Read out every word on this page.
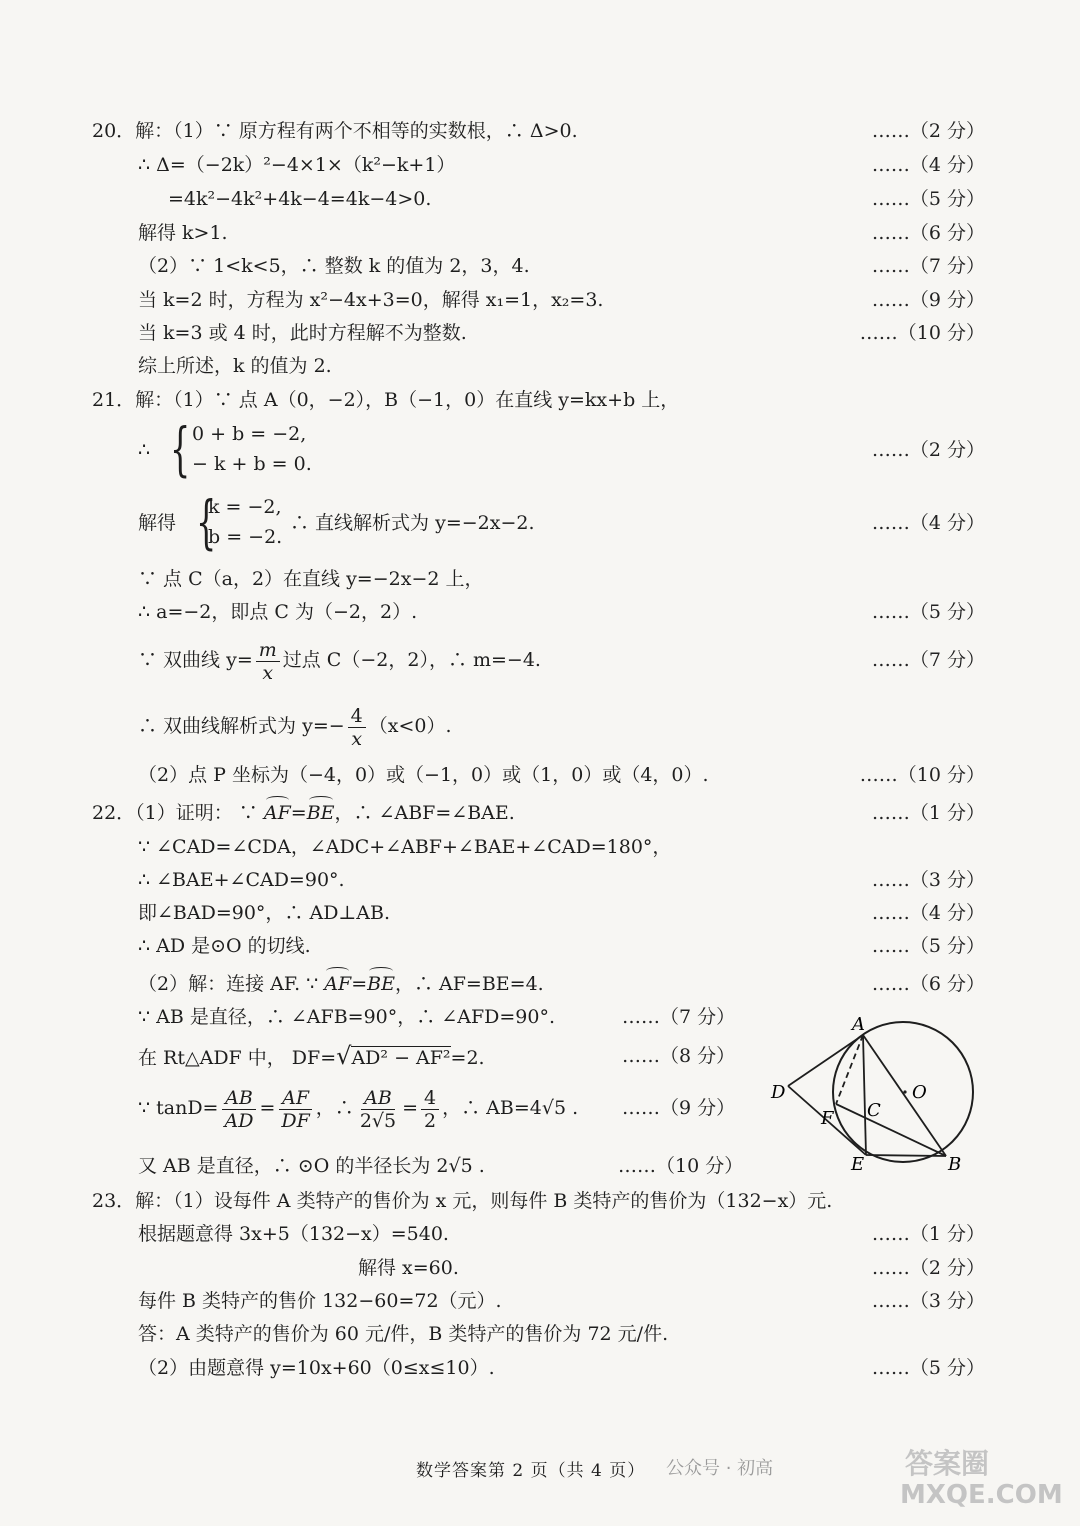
20．解：（1）∵ 原方程有两个不相等的实数根，∴ Δ>0.	……（2 分）
∴ Δ=（−2k）²−4×1×（k²−k+1）	……（4 分）
=4k²−4k²+4k−4=4k−4>0.	……（5 分）
解得 k>1.	……（6 分）
（2）∵ 1<k<5，∴ 整数 k 的值为 2，3，4.	……（7 分）
当 k=2 时，方程为 x²−4x+3=0，解得 x₁=1，x₂=3.	……（9 分）
当 k=3 或 4 时，此时方程解不为整数.	……（10 分）
综上所述，k 的值为 2.
21．解：（1）∵ 点 A（0，−2），B（−1，0）在直线 y=kx+b 上，
∴ { 0 + b = −2,
− k + b = 0.
……（2 分）
解得 {
k = −2,
b = −2.
∴ 直线解析式为 y=−2x−2.	……（4 分）
∵ 点 C（a，2）在直线 y=−2x−2 上，
∴ a=−2，即点 C 为（−2，2）.	……（5 分）
∵ 双曲线 $y= \frac{m}{x}$ 过点 C（−2，2），∴ m=−4.	……（7 分）
∴ 双曲线解析式为 $y=- \frac{4}{x} (x<0)$.
（2）点 P 坐标为（−4，0）或（−1，0）或（1，0）或（4，0）.	……（10 分）
22．（1）证明： ∵ AF=BE，∴ ∠ABF=∠BAE.	……（1 分）
∵ ∠CAD=∠CDA，∠ADC+∠ABF+∠BAE+∠CAD=180°，
∴ ∠BAE+∠CAD=90°.	……（3 分）
即∠BAD=90°，∴ AD⊥AB.	……（4 分）
∴ AD 是⊙O 的切线.	……（5 分）
（2）解：连接 AF. ∵ AF=BE，∴ AF=BE=4.	……（6 分）
∵ AB 是直径，∴ ∠AFB=90°，∴ ∠AFD=90°.	……（7 分）
在 Rt△ADF 中， DF=√AD² − AF²=2.	……（8 分）
∵ $\tan D= \frac{AB}{AD} = \frac{AF}{DF}$ ，∴ $\frac{AB}{2√5} = \frac{4}{2}$ ，∴ AB=4√5 . ……（9 分）
又 AB 是直径，∴ ⊙O 的半径长为 2√5 .	……（10 分）
A
B
C
D
E
F
O
23．解：（1）设每件 A 类特产的售价为 x 元，则每件 B 类特产的售价为（132−x）元.
根据题意得 3x+5（132−x）=540.	……（1 分）
解得 x=60.	……（2 分）
每件 B 类特产的售价 132−60=72（元）.	……（3 分）
答：A 类特产的售价为 60 元/件，B 类特产的售价为 72 元/件.
（2）由题意得 y=10x+60（0≤x≤10）.	……（5 分）
数学答案第 2 页（共 4 页） 公众号 · 初高	答案圈
MXQE.COM
